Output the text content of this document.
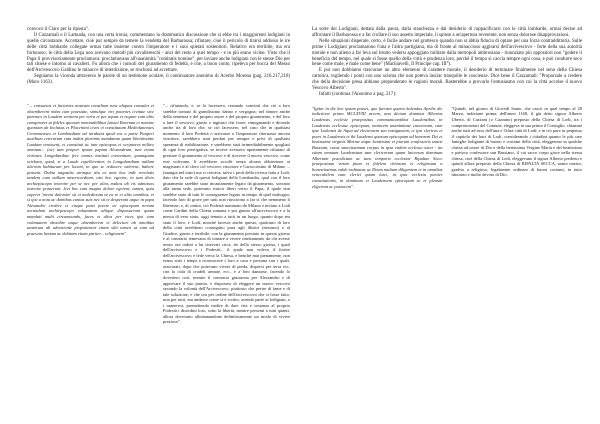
convoco il Claro per la riposta".

Il Cazzamali e il Lattuada, con una certa ironia, commentano la drammatica discussione che si ebbe tra i maggiorenti lodigiani in quelle circostanze. Accettare, cioè pur sempre da temere la vendetta del Barbarossa; rifiutare, cioè il pericolo di tirarsi addosso le ire delle città lombarde collegate ormai tutte insieme contro l'imperatore e i suoi spietati sostenitori. Relativo era terribile, ma era fortunoso; le città della Lega non avevano metodi più cavallereschi - anzi del resto a quei tempo - e in più erano vicine. Visto che il Papa li provvisoriamente proclamava: proclamavano all'unanimità "comitatis nomine", per inviare anche lodigiani con le stesse Dio per tali chiese e intorno ai cavalieri. Fu allora che i consoli del giuramento di fedeltà, e che, a buon conto, ripeteva per bocca del Messo dell'Arcivescovo Galdino le minacce di interdizione, se rinchiusi ad accettare.

Seguiamo la vicenda attraverso le parole di un testimone oculare, il continuatore anonimo di Acerbo Morena (pag. 216,217,218) (Muro 1163).

"... consuetos et facientes nostram consilium tunc aliquas consules et obtemberent nobis cum potestate, simulque viri potentes civitate sive parentes in Laudem venirent per terra et per aquas et negare cum aliis conspiraret ut fideles quorum nominabilibus fuisset Ravenna et nomine quoniam ab Inclusus et Placentini cives et constitutum Mediolanenses Cremonenses et Lombardiam ad iurabant quod eos a parte Pauperi auxilium ceterarum cum multis plurimis mandatum quam libentissime Laudam venissent, et constituit ac iam episcopus et scriptores milites omnium... (ac) tam propter ipsum papam Alexandrum, tum etiam civitates Longobardiae fere omnes instituti conventum, quamquam sciebant, quod, si a Laude expellerentur, in Longobardiam nullam alteram habituram per locum, in quo se reducere valerent, habere possent. Dubia angustiis utrinque diu ex ante hoc inde revolutis tandem cum nullam misericordiam, nisi hoc egerint, in tam dicto archiepiscopo invenire per se nec per alios multos ab eis admissos invenire potuerunt. Icet hoc cum magno dolore egerent, tamen, quia cuperet 'inveni dolorum' sit et maledictum ut ea re et aliis omnibus, et si ipsi a notu ac domibus cuntas suis nec sit et desperant atque in papa Alexandro credere et eisque parti favere ac episcopum novum avrandum archiepiscopo voluntatem aliique disposuerunt quam mandati multi circumeundo, faces et alios per vices ipsi eam voluntatem oboedire atque obtemberent et delecturi ab omnibus tantorum ab adveniente proponentes etiam sibi tamen ut eam ad praesens bonam ac debitam etiam pariter... religionem".

"... rifiutando, e, se lo facessero, restando convinti che ciò a loro sarebbe tornato di grandissimo danno e vergogna; nel timore anche della sentenza e del proprio onore e del proprio giuramento, e del loro a fare il vescovo, giusto e ingiusto che fosse; rimuginando e dicendo anche tra di loro che, se ciò facessero, nel caso che in qualsiasi momento il loro Podestà o arrivasse o l'imperatore ritornasse ancora vincitore, sarebbero stati perduti per sempre e privi di qualsiasi speranza di riabilitazione, e sarebbero stati irrimediabilmente spogliati di ogni loro prerogativa, se invece avessero apertamente rifiutato di prestare il giuramento al vescovo e di ricevere il nuovo vescovo, come essi volevano, li avrebbero accolti senza alcuna obbiezione ai magistrati e al clero col vescovo vincitore e Caracciosino di Milano ... (mangia nel tutto) ma si cercava, salvo i proti della ricerca fatta a Lodi, dato che la sede di questi lodigiani della Lombardia, qual con il loro giuramento sarebbe stato incautamente legato da giuramento, sovrano alla santa sede, potevano riuscir liberi verso il Papa, il quale non sarebbe stato di tutti le conseguenze legato in tempo di quel malvagio, facendo loro di grave per tutti non riuscirono a far sì che nemmeno li liberasse; e, di contro, ciò Podestà nominato da Milano e inviato a Lodi come Cardini della Chiesa romana e poi giunto all'arcivescovo e a la messa di vero stato, oggi temuto a tutti in un luogo, quanto dopo era stato il loro, e Lodi, nonché facesse anche questo, qualcuno di loro della città avrebbero conseguito pura agli illustri (nessuno) e al Giudice, giusto e terribile, con la giuramento prestato in questo giorno e al contrario temevano di tornare a vivere onestamente da chi avesse avuto ora ordini a lui riservati circa, tre dello stesso giorno, i quali dell'arcivescovo e i Podestà... il quale non voleva il fiorire dell'arcivescovo e fede verso la Chiesa, e benché mai pienamente, non erano stati i tempi a riconoscere i loro a casa e persona con i quali, assicurati, dopo che potevano vivere di preda, dispersi per terra ecc. con la città di crudeli armate, ecc., e a loro dannose, facendo lo dovettero così, mentre il contrario giurarono per Alessandro e di approvare il suo partito, e disposero di eleggere un nuovo vescovo secondo la volontà dell'Arcivescovo, piuttosto che perire di fame e di tale soluzione, e che ora per ordine dell'arcivescovo che si fosse fatto, non per tutti, ma andasse come si è scritto, avendo parte ai lodigiani, e i numerosi, promettendo inoltre di dare vita e sostanza al proprio Podestà i disordini loro, sotto la libertà, mentre presenti a tutti quanti, allora dovevano allontanandone definitivamente un modo di vivere prezioso".

La sorte dei Lodigiani, dettata dalla paura, dalla stanchezza e dal desiderio di rappacificarsi con le città lombarde, ormai decise ad affrontare il Barbarossa e a far crollare il suo assetto imperiale, li spinse a un'apertura reverente, non senza dolorose disapprovazioni.

Nelle situazioni disperate, certo, è facile andare nel grottesco quando non si abbia fiducia di optare per una forza contraddittoria. Sulle prime i Lodigiani proclamarono l'una e l'altra partigiana, ma di fronte al minaccioso aggirarsi dell'arcivescovo - forte della sua autorità morale e non alieno a far leva sul brutto vedersi appoggiato militare dalla metropoli ambrosiana - rinunziato più oppositori non "godere il beneficio del tempo, nel quale si fosse quello della virtù e prudenza loro, perché il tempo si caccia tempre ogni cosa, e può condurre seco bene come male, e male come bene" (Machiavelli, Il Principe cap. III°).

E poi non dobbiamo trascurare un altro elemento di carattere morale, il desiderio di terminare finalmente nel seno della Chiesa cattolica, togliendo i ponti con uno scisma che non poteva lasciar tranquille le coscienze. Dice bene il Cazzamali: "Proporzale a credere che della decisione presa abbiano preponderato le ragioni morali. Basterebbe a provarlo l'entusiasmo con cui la città accolse il nuovo Vescovo Alberto".

Infatti (continua l'Anonimo a pag. 217):

"Igitur in die hoc ipsum posset, quo fuerant quarto kalendas Aprilis die indictione prima MCLXVIII arcem, una dictum dominus Albertus Laudensis ecclesie praepositus communicantibus Laudensibus in Laudensis ecclesiae episcopum, maiorem unanimitate cunctorum, cum ipse Lodensis de Aqua ad electionem suo instigantem, et ipsi clericos et pueri in Laudensis et ibi Laudensi quarum episcopum ad honorem Dei et beatissime virginis Mariae atque beatissimi et piorum confessoris sancti Bassiani, cuius sanctissimum corpus in ipsa eadem ecclesia iacet - ita etiam omnium Laudensium tam clericorum quam laicorum dominum Albertum praedictum ac tunc temporis ecclesiae Ripaltae Sicce praepositum virum pium et fidelem christum et religiosum a honestissimus valde ordinatus ac Deum multum diligentem et in omnibus venerabilem eam clerici quam laici, in ipsa ecclesia pariter constitutionis, in dominum et Laudensem episcopum se et plenum eligerunt ac pastorem".

"Quindi, nel giorno di Giovedì Santo, che cascò in quel tempo al 28 Marzo, indizione prima, dell'anno 1168, il già detto signor Alberto Uberto, di Cazzani (o Cazzano) preposto della Chiesa di Lodi, tra i comprotonotari del Comune, eleggeva in sua prima il Consiglio, chiamati anche tutti ad esso dell'una e l'altra città di Lodi; e in ciò pure in perpetuo il capitolo dei laici di Lodi, considerando i cittadini quanto le più care famiglie lodigiane di buono e costumi della città, eleggerono in qualche chiesa ad onore di Dio e della beatissima Vergine Maria e del beatissimo e pietoso confessore san Bassiano, il cui sacro corpo giace nella stessa chiesa, cioè della Chiesa di Lodi, eleggevano il signor Alberto predetto e quindi allora preposto della Chiesa di RIPALTA SECCA, uomo onesto, gradito a religioso, legalmente ordinato di buoni costumi, in tutto timorato e molto devoto di Dio.
